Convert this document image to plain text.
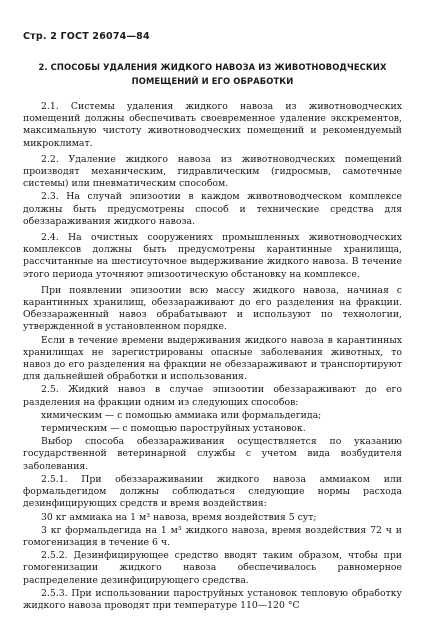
Стр. 2 ГОСТ 26074—84
2. СПОСОБЫ УДАЛЕНИЯ ЖИДКОГО НАВОЗА ИЗ ЖИВОТНОВОДЧЕСКИХ ПОМЕЩЕНИЙ И ЕГО ОБРАБОТКИ

2.1. Системы удаления жидкого навоза из животноводческих помещений должны обеспечивать своевременное удаление экскрементов, максимальную чистоту животноводческих помещений и рекомендуемый микроклимат.

2.2. Удаление жидкого навоза из животноводческих помещений производят механическим, гидравлическим (гидросмыв, самотечные системы) или пневматическим способом.

2.3. На случай эпизоотии в каждом животноводческом комплексе должны быть предусмотрены способ и технические средства для обеззараживания жидкого навоза.

2.4. На очистных сооружениях промышленных животноводческих комплексов должны быть предусмотрены карантинные хранилища, рассчитанные на шестисуточное выдерживание жидкого навоза. В течение этого периода уточняют эпизоотическую обстановку на комплексе.

При появлении эпизоотии всю массу жидкого навоза, начиная с карантинных хранилищ, обеззараживают до его разделения на фракции. Обеззараженный навоз обрабатывают и используют по технологии, утвержденной в установленном порядке.

Если в течение времени выдерживания жидкого навоза в карантинных хранилищах не зарегистрированы опасные заболевания животных, то навоз до его разделения на фракции не обеззараживают и транспортируют для дальнейшей обработки и использования.

2.5. Жидкий навоз в случае эпизоотии обеззараживают до его разделения на фракции одним из следующих способов:

химическим — с помощью аммиака или формальдегида;

термическим — с помощью пароструйных установок.

Выбор способа обеззараживания осуществляется по указанию государственной ветеринарной службы с учетом вида возбудителя заболевания.

2.5.1. При обеззараживании жидкого навоза аммиаком или формальдегидом должны соблюдаться следующие нормы расхода дезинфицирующих средств и время воздействия:

30 кг аммиака на 1 м³ навоза, время воздействия 5 сут;

3 кг формальдегида на 1 м³ жидкого навоза, время воздействия 72 ч и гомогенизация в течение 6 ч.

2.5.2. Дезинфицирующее средство вводят таким образом, чтобы при гомогенизации жидкого навоза обеспечивалось равномерное распределение дезинфицирующего средства.

2.5.3. При использовании пароструйных установок тепловую обработку жидкого навоза проводят при температуре 110—120 °С
